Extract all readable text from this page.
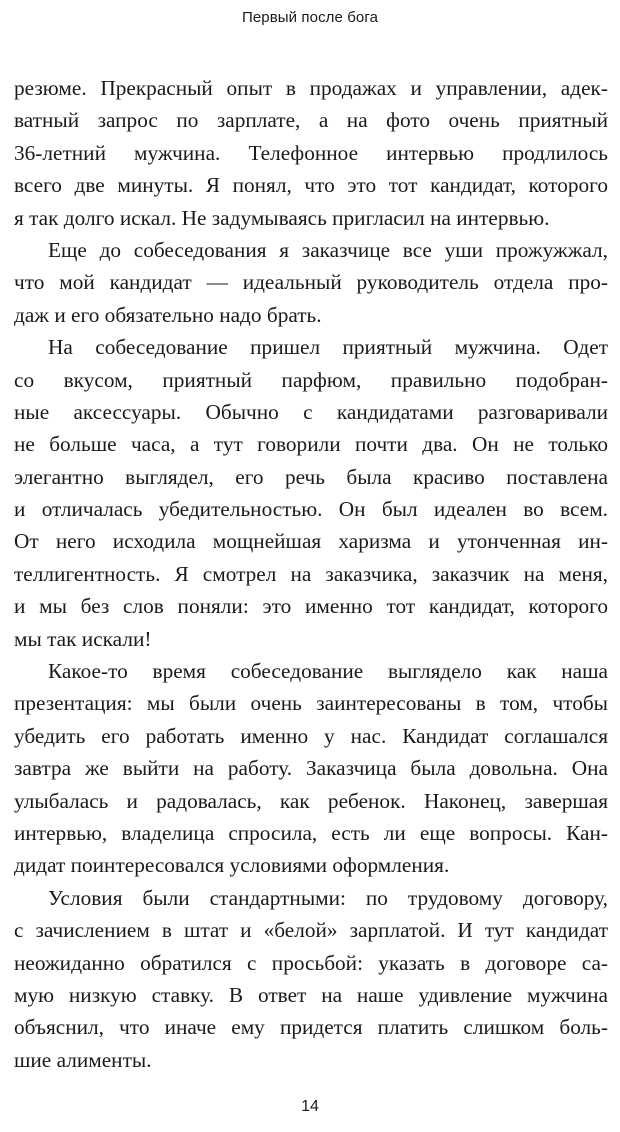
Первый после бога
резюме. Прекрасный опыт в продажах и управлении, адек-
ватный запрос по зарплате, а на фото очень приятный
36-летний мужчина. Телефонное интервью продлилось
всего две минуты. Я понял, что это тот кандидат, которого
я так долго искал. Не задумываясь пригласил на интервью.
Еще до собеседования я заказчице все уши прожужжал,
что мой кандидат — идеальный руководитель отдела про-
даж и его обязательно надо брать.
На собеседование пришел приятный мужчина. Одет
со вкусом, приятный парфюм, правильно подобран-
ные аксессуары. Обычно с кандидатами разговаривали
не больше часа, а тут говорили почти два. Он не только
элегантно выглядел, его речь была красиво поставлена
и отличалась убедительностью. Он был идеален во всем.
От него исходила мощнейшая харизма и утонченная ин-
теллигентность. Я смотрел на заказчика, заказчик на меня,
и мы без слов поняли: это именно тот кандидат, которого
мы так искали!
Какое-то время собеседование выглядело как наша
презентация: мы были очень заинтересованы в том, чтобы
убедить его работать именно у нас. Кандидат соглашался
завтра же выйти на работу. Заказчица была довольна. Она
улыбалась и радовалась, как ребенок. Наконец, завершая
интервью, владелица спросила, есть ли еще вопросы. Кан-
дидат поинтересовался условиями оформления.
Условия были стандартными: по трудовому договору,
с зачислением в штат и «белой» зарплатой. И тут кандидат
неожиданно обратился с просьбой: указать в договоре са-
мую низкую ставку. В ответ на наше удивление мужчина
объяснил, что иначе ему придется платить слишком боль-
шие алименты.
14
